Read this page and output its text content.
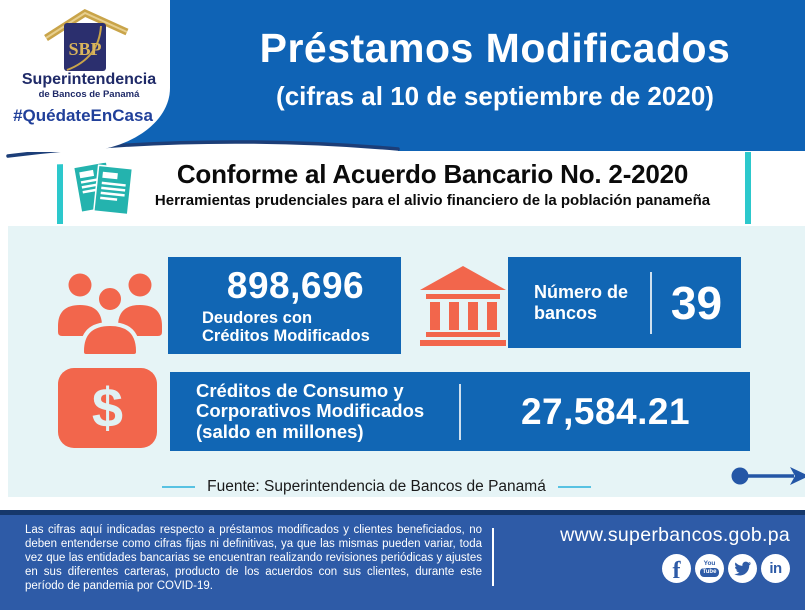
Préstamos Modificados
(cifras al 10 de septiembre de 2020)
SBP
Superintendencia
de Bancos de Panamá
#QuédateEnCasa
Conforme al Acuerdo Bancario No. 2-2020
Herramientas prudenciales para el alivio financiero de la población panameña
898,696
Deudores con
Créditos Modificados
Número de
bancos	39
$	Créditos de Consumo y
Corporativos Modificados
(saldo en millones)	27,584.21
Fuente: Superintendencia de Bancos de Panamá
Las cifras aquí indicadas respecto a préstamos modificados y clientes beneficiados, no deben entenderse como cifras fijas ni definitivas, ya que las mismas pueden variar, toda vez que las entidades bancarias se encuentran realizando revisiones periódicas y ajustes en sus diferentes carteras, producto de los acuerdos con sus clientes, durante este período de pandemia por COVID-19.
www.superbancos.gob.pa
f	You
Tube	in
